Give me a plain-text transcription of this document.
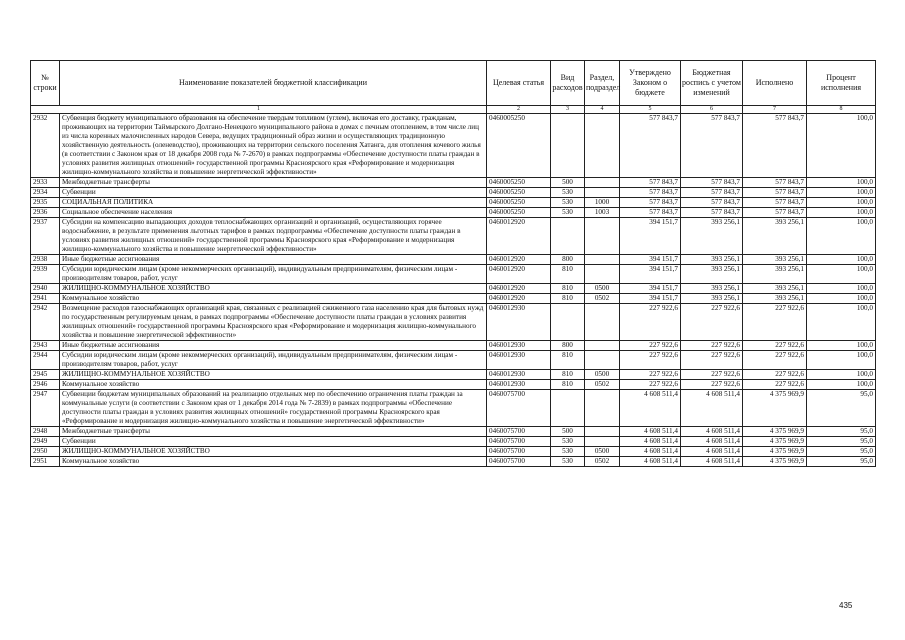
№ строки	Наименование показателей бюджетной классификации	Целевая статья	Вид расходов	Раздел, подраздел	Утверждено Законом о бюджете	Бюджетная роспись с учетом изменений	Исполнено	Процент исполнения
1		2	3	4	5	6	7	8
2932	Субвенция бюджету муниципального образования на обеспечение твердым топливом (углем), включая его доставку, гражданам, проживающих на территории Таймырского Долгано-Ненецкого муниципального района в домах с печным отоплением, в том числе лиц из числа коренных малочисленных народов Севера, ведущих традиционный образ жизни и осуществляющих традиционную хозяйственную деятельность (оленеводство), проживающих на территории сельского поселения Хатанга, для отопления кочевого жилья (в соответствии с Законом края от 18 декабря 2008 года № 7-2670) в рамках подпрограммы «Обеспечение доступности платы граждан в условиях развития жилищных отношений» государственной программы Красноярского края «Реформирование и модернизация жилищно-коммунального хозяйства и повышение энергетической эффективности»	0460005250			577 843,7	577 843,7	577 843,7	100,0
2933	Межбюджетные трансферты	0460005250	500		577 843,7	577 843,7	577 843,7	100,0
2934	Субвенции	0460005250	530		577 843,7	577 843,7	577 843,7	100,0
2935	СОЦИАЛЬНАЯ ПОЛИТИКА	0460005250	530	1000	577 843,7	577 843,7	577 843,7	100,0
2936	Социальное обеспечение населения	0460005250	530	1003	577 843,7	577 843,7	577 843,7	100,0
2937	Субсидии на компенсацию выпадающих доходов теплоснабжающих организаций и организаций, осуществляющих горячее водоснабжение, в результате применения льготных тарифов в рамках подпрограммы «Обеспечение доступности платы граждан в условиях развития жилищных отношений» государственной программы Красноярского края «Реформирование и модернизация жилищно-коммунального хозяйства и повышение энергетической эффективности»	0460012920			394 151,7	393 256,1	393 256,1	100,0
2938	Иные бюджетные ассигнования	0460012920	800		394 151,7	393 256,1	393 256,1	100,0
2939	Субсидии юридическим лицам (кроме некоммерческих организаций), индивидуальным предпринимателям, физическим лицам - производителям товаров, работ, услуг	0460012920	810		394 151,7	393 256,1	393 256,1	100,0
2940	ЖИЛИЩНО-КОММУНАЛЬНОЕ ХОЗЯЙСТВО	0460012920	810	0500	394 151,7	393 256,1	393 256,1	100,0
2941	Коммунальное хозяйство	0460012920	810	0502	394 151,7	393 256,1	393 256,1	100,0
2942	Возмещение расходов газоснабжающих организаций края, связанных с реализацией сжиженного газа населению края для бытовых нужд по государственным регулируемым ценам, в рамках подпрограммы «Обеспечение доступности платы граждан в условиях развития жилищных отношений» государственной программы Красноярского края «Реформирование и модернизация жилищно-коммунального хозяйства и повышение энергетической эффективности»	0460012930			227 922,6	227 922,6	227 922,6	100,0
2943	Иные бюджетные ассигнования	0460012930	800		227 922,6	227 922,6	227 922,6	100,0
2944	Субсидии юридическим лицам (кроме некоммерческих организаций), индивидуальным предпринимателям, физическим лицам - производителям товаров, работ, услуг	0460012930	810		227 922,6	227 922,6	227 922,6	100,0
2945	ЖИЛИЩНО-КОММУНАЛЬНОЕ ХОЗЯЙСТВО	0460012930	810	0500	227 922,6	227 922,6	227 922,6	100,0
2946	Коммунальное хозяйство	0460012930	810	0502	227 922,6	227 922,6	227 922,6	100,0
2947	Субвенции бюджетам муниципальных образований на реализацию отдельных мер по обеспечению ограничения платы граждан за коммунальные услуги (в соответствии с Законом края от 1 декабря 2014 года № 7-2839) в рамках подпрограммы «Обеспечение доступности платы граждан в условиях развития жилищных отношений» государственной программы Красноярского края «Реформирование и модернизация жилищно-коммунального хозяйства и повышение энергетической эффективности»	0460075700			4 608 511,4	4 608 511,4	4 375 969,9	95,0
2948	Межбюджетные трансферты	0460075700	500		4 608 511,4	4 608 511,4	4 375 969,9	95,0
2949	Субвенции	0460075700	530		4 608 511,4	4 608 511,4	4 375 969,9	95,0
2950	ЖИЛИЩНО-КОММУНАЛЬНОЕ ХОЗЯЙСТВО	0460075700	530	0500	4 608 511,4	4 608 511,4	4 375 969,9	95,0
2951	Коммунальное хозяйство	0460075700	530	0502	4 608 511,4	4 608 511,4	4 375 969,9	95,0
435
